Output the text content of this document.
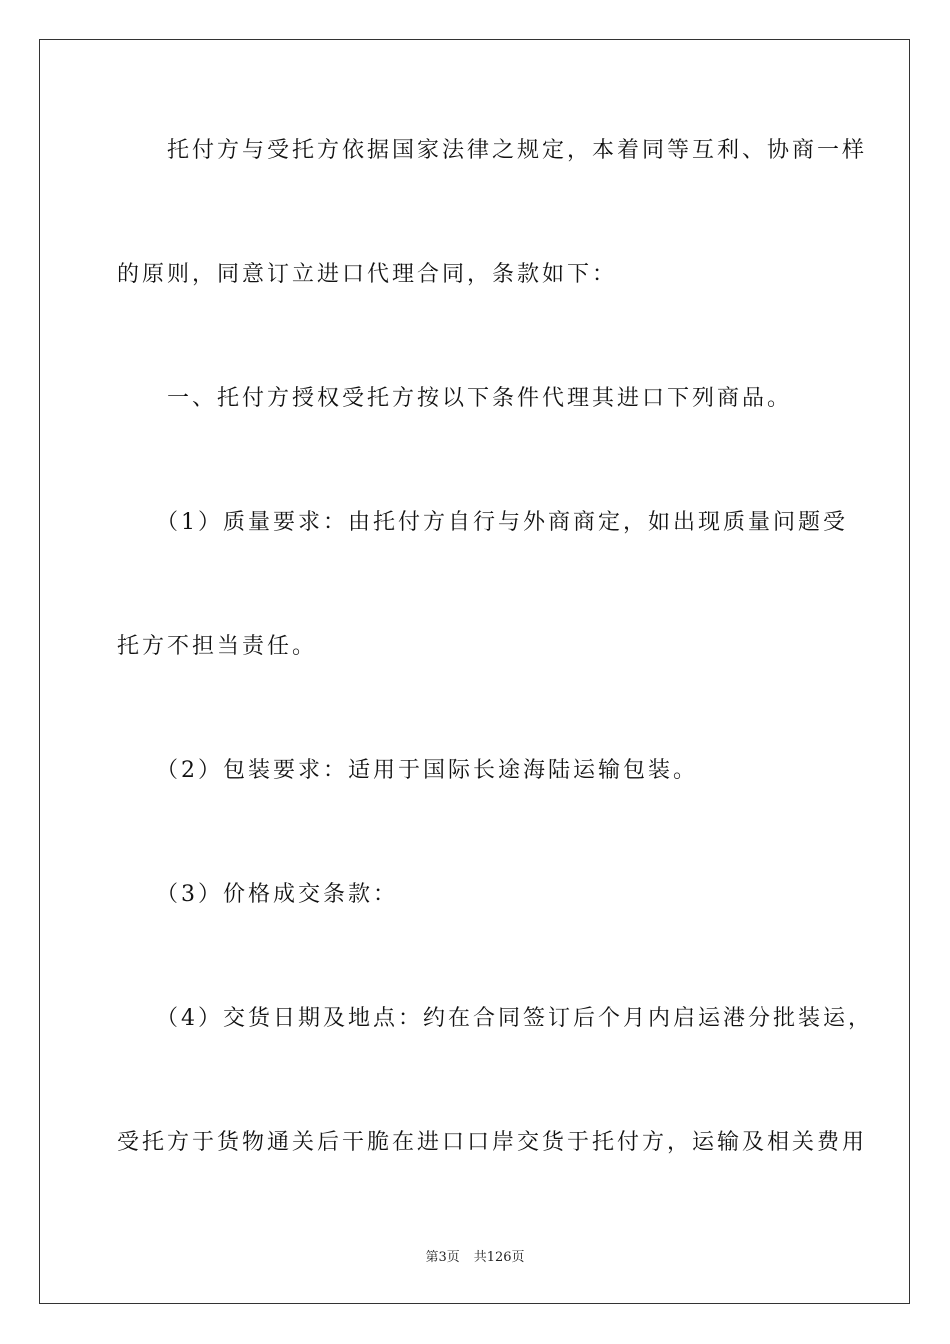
　　托付方与受托方依据国家法律之规定，本着同等互利、协商一样

的原则，同意订立进口代理合同，条款如下：

　　一、托付方授权受托方按以下条件代理其进口下列商品。

　　（1）质量要求：由托付方自行与外商商定，如出现质量问题受

托方不担当责任。

　　（2）包装要求：适用于国际长途海陆运输包装。

　　（3）价格成交条款：

　　（4）交货日期及地点：约在合同签订后个月内启运港分批装运，

受托方于货物通关后干脆在进口口岸交货于托付方，运输及相关费用

第3页 共126页
